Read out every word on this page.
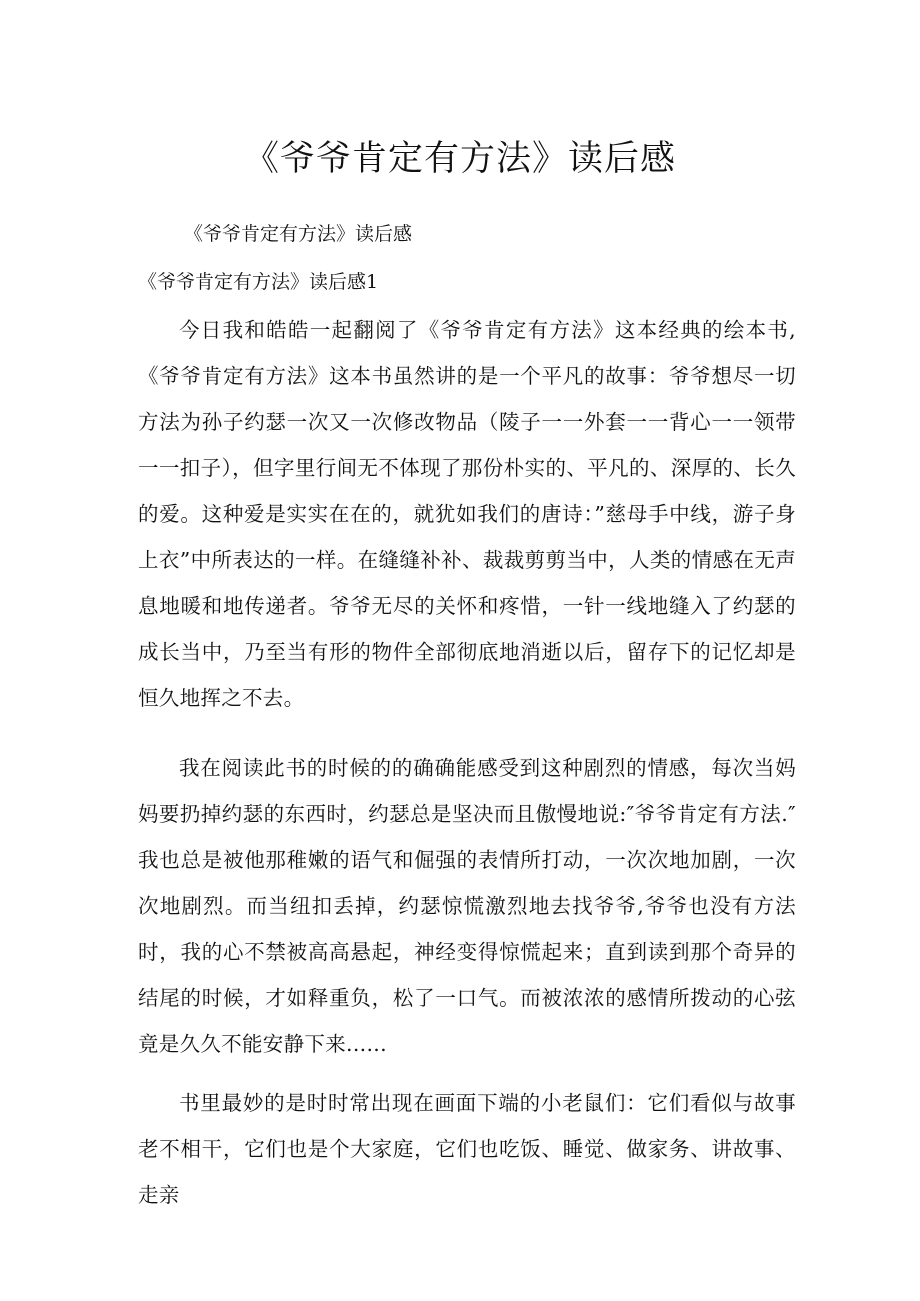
《爷爷肯定有方法》读后感

《爷爷肯定有方法》读后感

《爷爷肯定有方法》读后感1

今日我和皓皓一起翻阅了《爷爷肯定有方法》这本经典的绘本书,《爷爷肯定有方法》这本书虽然讲的是一个平凡的故事：爷爷想尽一切方法为孙子约瑟一次又一次修改物品（陵子一一外套一一背心一一领带一一扣子），但字里行间无不体现了那份朴实的、平凡的、深厚的、长久的爱。这种爱是实实在在的，就犹如我们的唐诗：”慈母手中线，游子身上衣”中所表达的一样。在缝缝补补、裁裁剪剪当中，人类的情感在无声息地暖和地传递者。爷爷无尽的关怀和疼惜，一针一线地缝入了约瑟的成长当中，乃至当有形的物件全部彻底地消逝以后，留存下的记忆却是恒久地挥之不去。

我在阅读此书的时候的的确确能感受到这种剧烈的情感，每次当妈妈要扔掉约瑟的东西时，约瑟总是坚决而且傲慢地说:″爷爷肯定有方法.″我也总是被他那稚嫩的语气和倔强的表情所打动，一次次地加剧，一次次地剧烈。而当纽扣丢掉，约瑟惊慌激烈地去找爷爷,爷爷也没有方法时，我的心不禁被高高悬起，神经变得惊慌起来；直到读到那个奇异的结尾的时候，才如释重负，松了一口气。而被浓浓的感情所拨动的心弦竟是久久不能安静下来......

书里最妙的是时时常出现在画面下端的小老鼠们：它们看似与故事老不相干，它们也是个大家庭，它们也吃饭、睡觉、做家务、讲故事、走亲
